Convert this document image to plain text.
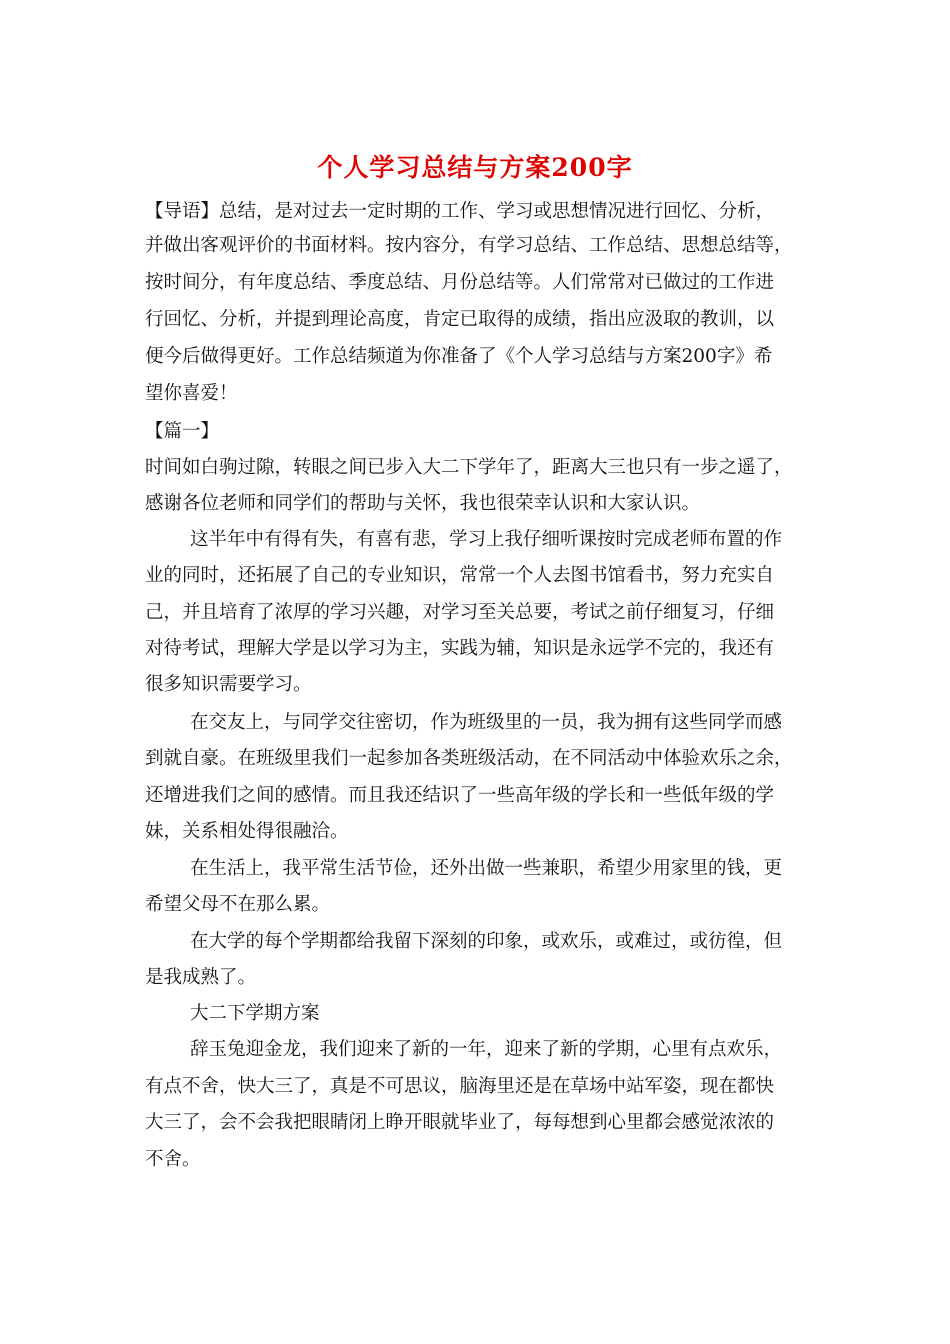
个人学习总结与方案200字
【导语】总结，是对过去一定时期的工作、学习或思想情况进行回忆、分析，
并做出客观评价的书面材料。按内容分，有学习总结、工作总结、思想总结等，
按时间分，有年度总结、季度总结、月份总结等。人们常常对已做过的工作进
行回忆、分析，并提到理论高度，肯定已取得的成绩，指出应汲取的教训，以
便今后做得更好。工作总结频道为你准备了《个人学习总结与方案200字》希
望你喜爱！
【篇一】
时间如白驹过隙，转眼之间已步入大二下学年了，距离大三也只有一步之遥了，
感谢各位老师和同学们的帮助与关怀，我也很荣幸认识和大家认识。
这半年中有得有失，有喜有悲，学习上我仔细听课按时完成老师布置的作
业的同时，还拓展了自己的专业知识，常常一个人去图书馆看书，努力充实自
己，并且培育了浓厚的学习兴趣，对学习至关总要，考试之前仔细复习，仔细
对待考试，理解大学是以学习为主，实践为辅，知识是永远学不完的，我还有
很多知识需要学习。
在交友上，与同学交往密切，作为班级里的一员，我为拥有这些同学而感
到就自豪。在班级里我们一起参加各类班级活动，在不同活动中体验欢乐之余，
还增进我们之间的感情。而且我还结识了一些高年级的学长和一些低年级的学
妹，关系相处得很融洽。
在生活上，我平常生活节俭，还外出做一些兼职，希望少用家里的钱，更
希望父母不在那么累。
在大学的每个学期都给我留下深刻的印象，或欢乐，或难过，或彷徨，但
是我成熟了。
大二下学期方案
辞玉兔迎金龙，我们迎来了新的一年，迎来了新的学期，心里有点欢乐，
有点不舍，快大三了，真是不可思议，脑海里还是在草场中站军姿，现在都快
大三了，会不会我把眼睛闭上睁开眼就毕业了，每每想到心里都会感觉浓浓的
不舍。
